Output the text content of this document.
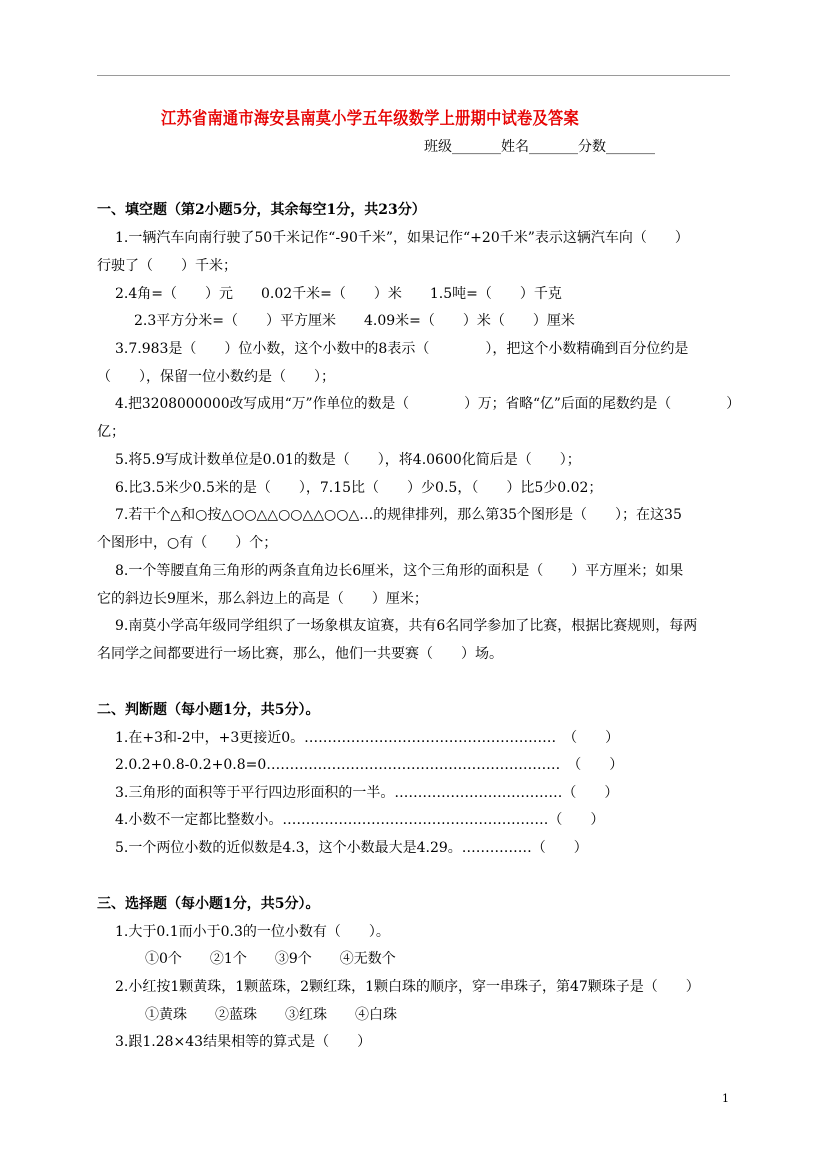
江苏省南通市海安县南莫小学五年级数学上册期中试卷及答案
班级_______姓名_______分数_______
一、填空题（第2小题5分，其余每空1分，共23分）
1.一辆汽车向南行驶了50千米记作“-90千米”，如果记作“+20千米”表示这辆汽车向（　　）
行驶了（　　）千米；
2.4角=（　　）元　　0.02千米=（　　）米　　1.5吨=（　　）千克
2.3平方分米=（　　）平方厘米　　4.09米=（　　）米（　　）厘米
3.7.983是（　　）位小数，这个小数中的8表示（　　　　），把这个小数精确到百分位约是
（　　），保留一位小数约是（　　）；
4.把3208000000改写成用“万”作单位的数是（　　　　）万；省略“亿”后面的尾数约是（　　　　）
亿；
5.将5.9写成计数单位是0.01的数是（　　），将4.0600化简后是（　　）；
6.比3.5米少0.5米的是（　　），7.15比（　　）少0.5，（　　）比5少0.02；
7.若干个△和○按△○○△△○○△△○○△…的规律排列，那么第35个图形是（　　）；在这35
个图形中，○有（　　）个；
8.一个等腰直角三角形的两条直角边长6厘米，这个三角形的面积是（　　）平方厘米；如果
它的斜边长9厘米，那么斜边上的高是（　　）厘米；
9.南莫小学高年级同学组织了一场象棋友谊赛，共有6名同学参加了比赛，根据比赛规则，每两
名同学之间都要进行一场比赛，那么，他们一共要赛（　　）场。
二、判断题（每小题1分，共5分）。
1.在+3和-2中，+3更接近0。………………………………………………　（　　）
2.0.2+0.8-0.2+0.8=0………………………………………………………　（　　）
3.三角形的面积等于平行四边形面积的一半。………………………………（　　）
4.小数不一定都比整数小。…………………………………………………（　　）
5.一个两位小数的近似数是4.3，这个小数最大是4.29。……………（　　）
三、选择题（每小题1分，共5分）。
1.大于0.1而小于0.3的一位小数有（　　）。
①0个　　②1个　　③9个　　④无数个
2.小红按1颗黄珠，1颗蓝珠，2颗红珠，1颗白珠的顺序，穿一串珠子，第47颗珠子是（　　）
①黄珠　　②蓝珠　　③红珠　　④白珠
3.跟1.28×43结果相等的算式是（　　）
1
